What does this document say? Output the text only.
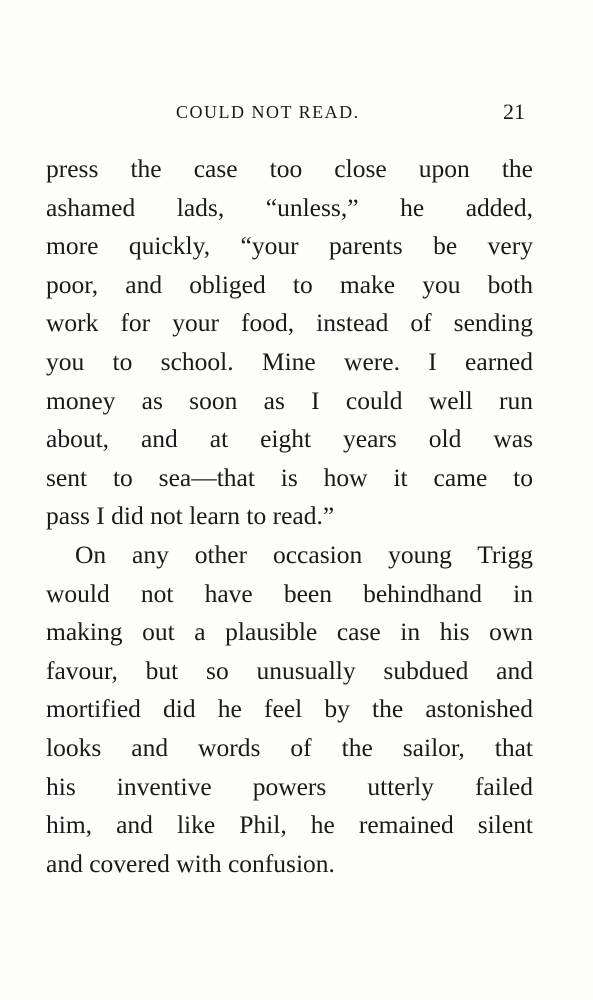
COULD NOT READ.	21

press the case too close upon the
ashamed lads, “unless,” he added,
more quickly, “your parents be very
poor, and obliged to make you both
work for your food, instead of sending
you to school. Mine were. I earned
money as soon as I could well run
about, and at eight years old was
sent to sea—that is how it came to
pass I did not learn to read.”

On any other occasion young Trigg
would not have been behindhand in
making out a plausible case in his own
favour, but so unusually subdued and
mortified did he feel by the astonished
looks and words of the sailor, that
his inventive powers utterly failed
him, and like Phil, he remained silent
and covered with confusion.
